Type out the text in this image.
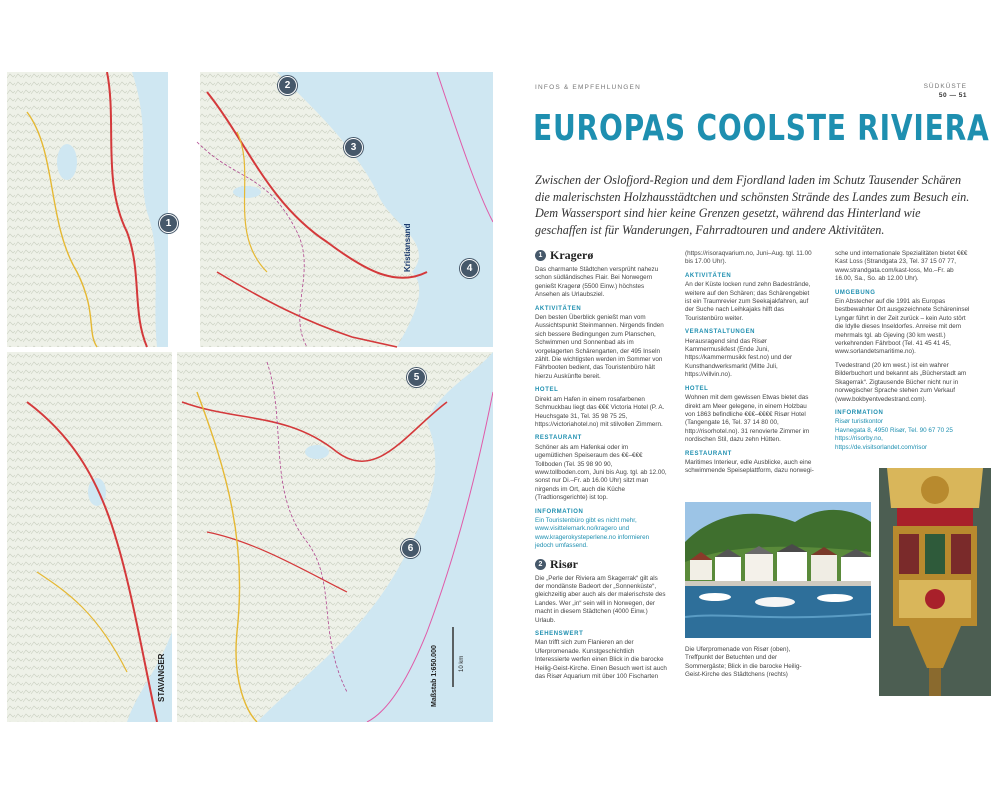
2
3
1
4
5
6
Kristiansand
STAVANGER	Maßstab 1:650.000	10 km
INFOS & EMPFEHLUNGEN	SÜDKÜSTE
50 — 51
EUROPAS COOLSTE RIVIERA

Zwischen der Oslofjord-Region und dem Fjordland laden im Schutz Tausender Schären die malerischsten Holzhausstädtchen und schönsten Strände des Landes zum Besuch ein. Dem Wassersport sind hier keine Grenzen gesetzt, während das Hinterland wie geschaffen ist für Wanderungen, Fahrradtouren und andere Aktivitäten.

1 Kragerø

Das charmante Städtchen versprüht nahezu schon südländisches Flair. Bei Norwegern genießt Kragerø (5500 Einw.) höchstes Ansehen als Urlaubsziel.

AKTIVITÄTEN

Den besten Überblick genießt man vom Aussichtspunkt Steinmannen. Nirgends finden sich bessere Bedingungen zum Planschen, Schwimmen und Sonnenbad als im vorgelagerten Schärengarten, der 495 Inseln zählt. Die wichtigsten werden im Sommer von Fährbooten bedient, das Touristenbüro hält hierzu Auskünfte bereit.

HOTEL

Direkt am Hafen in einem rosafarbenen Schmuckbau liegt das €€€ Victoria Hotel (P. A. Heuchsgate 31, Tel. 35 98 75 25, https://victoriahotel.no) mit stilvollen Zimmern.

RESTAURANT

Schöner als am Hafenkai oder im ugemütlichen Speiseraum des €€–€€€ Tollboden (Tel. 35 98 90 90, www.tollboden.com, Juni bis Aug. tgl. ab 12.00, sonst nur Di.–Fr. ab 16.00 Uhr) sitzt man nirgends im Ort, auch die Küche (Tradtionsgerichte) ist top.

INFORMATION

Ein Touristenbüro gibt es nicht mehr, www.visittelemark.no/kragero und www.kragerokysteperlene.no informieren jedoch umfassend.

2 Risør

Die „Perle der Riviera am Skagerrak“ gilt als der mondänste Badeort der „Sonnenküste“, gleichzeitig aber auch als der malerischste des Landes. Wer „in“ sein will in Norwegen, der macht in diesem Städtchen (4000 Einw.) Urlaub.

SEHENSWERT

Man trifft sich zum Flanieren an der Uferpromenade. Kunstgeschichtlich Interessierte werfen einen Blick in die barocke Heilig-Geist-Kirche. Einen Besuch wert ist auch das Risør Aquarium mit über 100 Fischarten

(https://risoraqvarium.no, Juni–Aug. tgl. 11.00 bis 17.00 Uhr).

AKTIVITÄTEN

An der Küste locken rund zehn Badestrände, weitere auf den Schären; das Schärengebiet ist ein Traumrevier zum Seekajakfahren, auf der Suche nach Leihkajaks hilft das Touristenbüro weiter.

VERANSTALTUNGEN

Herausragend sind das Risør Kammermusikfest (Ende Juni, https://kammermusikk fest.no) und der Kunsthandwerksmarkt (Mitte Juli, https://villvin.no).

HOTEL

Wohnen mit dem gewissen Etwas bietet das direkt am Meer gelegene, in einem Holzbau von 1863 befindliche €€€–€€€€ Risør Hotel (Tangengate 16, Tel. 37 14 80 00, http://risorhotel.no). 31 renovierte Zimmer im nordischen Stil, dazu zehn Hütten.

RESTAURANT

Maritimes Interieur, edle Ausblicke, auch eine schwimmende Speiseplattform, dazu norwegi-

sche und internationale Spezialitäten bietet €€€ Kast Loss (Strandgata 23, Tel. 37 15 07 77, www.strandgata.com/kast-loss, Mo.–Fr. ab 16.00, Sa., So. ab 12.00 Uhr).

UMGEBUNG

Ein Abstecher auf die 1991 als Europas bestbewahrter Ort ausgezeichnete Schäreninsel Lyngør führt in der Zeit zurück – kein Auto stört die Idylle dieses Inseldorfes. Anreise mit dem mehrmals tgl. ab Gjeving (30 km westl.) verkehrenden Fährboot (Tel. 41 45 41 45, www.sorlandetsmaritime.no).

Tvedestrand (20 km west.) ist ein wahrer Bilderbuchort und bekannt als „Bücherstadt am Skagerrak“. Zigtausende Bücher nicht nur in norwegischer Sprache stehen zum Verkauf (www.bokbyentvedestrand.com).

INFORMATION
Risør turistkontor
Havnegata 8, 4950 Risør, Tel. 90 67 70 25
https://risorby.no, https://de.visitsorlandet.com/risor
Die Uferpromenade von Risør (oben), Treffpunkt der Betuchten und der Sommergäste; Blick in die barocke Heilig-Geist-Kirche des Städtchens (rechts)
